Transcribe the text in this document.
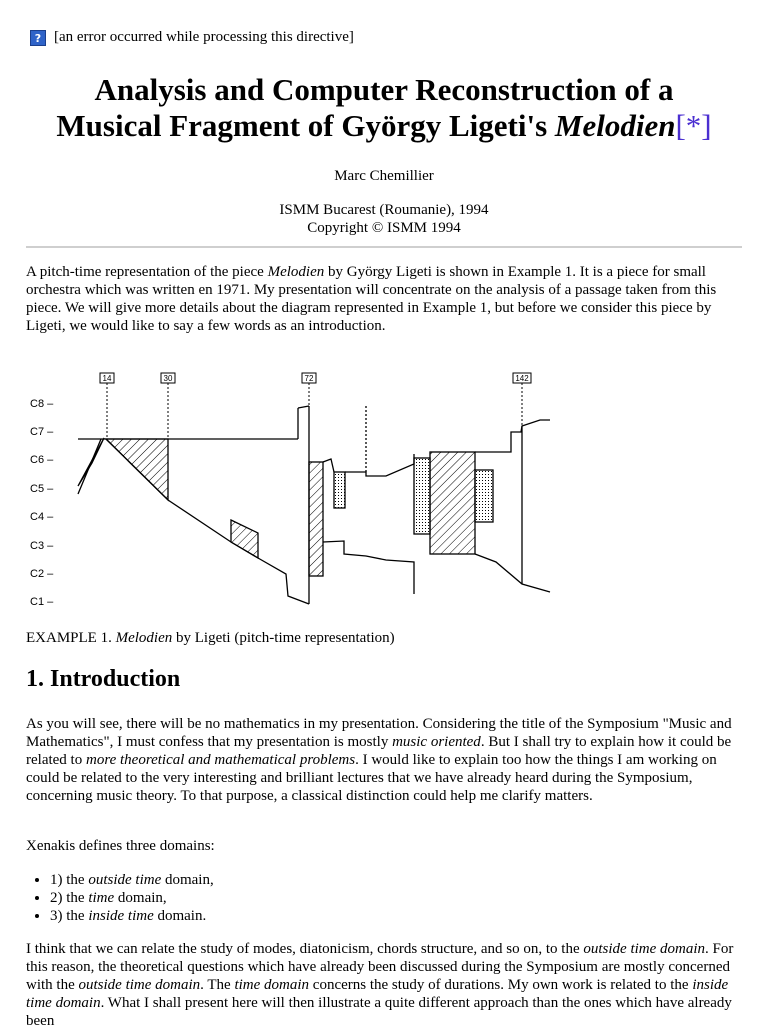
? [an error occurred while processing this directive]
Analysis and Computer Reconstruction of a
Musical Fragment of György Ligeti's Melodien[*]
Marc Chemillier
ISMM Bucarest (Roumanie), 1994
Copyright © ISMM 1994

A pitch-time representation of the piece Melodien by György Ligeti is shown in Example 1. It is a piece for small orchestra which was written en 1971. My presentation will concentrate on the analysis of a passage taken from this piece. We will give more details about the diagram represented in Example 1, but before we consider this piece by Ligeti, we would like to say a few words as an introduction.

C8 –
C7 –
C6 –
C5 –
C4 –
C3 –
C2 –
C1 –
14	30	72	142
EXAMPLE 1. Melodien by Ligeti (pitch-time representation)
1. Introduction

As you will see, there will be no mathematics in my presentation. Considering the title of the Symposium "Music and Mathematics", I must confess that my presentation is mostly music oriented. But I shall try to explain how it could be related to more theoretical and mathematical problems. I would like to explain too how the things I am working on could be related to the very interesting and brilliant lectures that we have already heard during the Symposium, concerning music theory. To that purpose, a classical distinction could help me clarify matters.

Xenakis defines three domains:

• 1) the outside time domain,
• 2) the time domain,
• 3) the inside time domain.

I think that we can relate the study of modes, diatonicism, chords structure, and so on, to the outside time domain. For this reason, the theoretical questions which have already been discussed during the Symposium are mostly concerned with the outside time domain. The time domain concerns the study of durations. My own work is related to the inside time domain. What I shall present here will then illustrate a quite different approach than the ones which have already been
